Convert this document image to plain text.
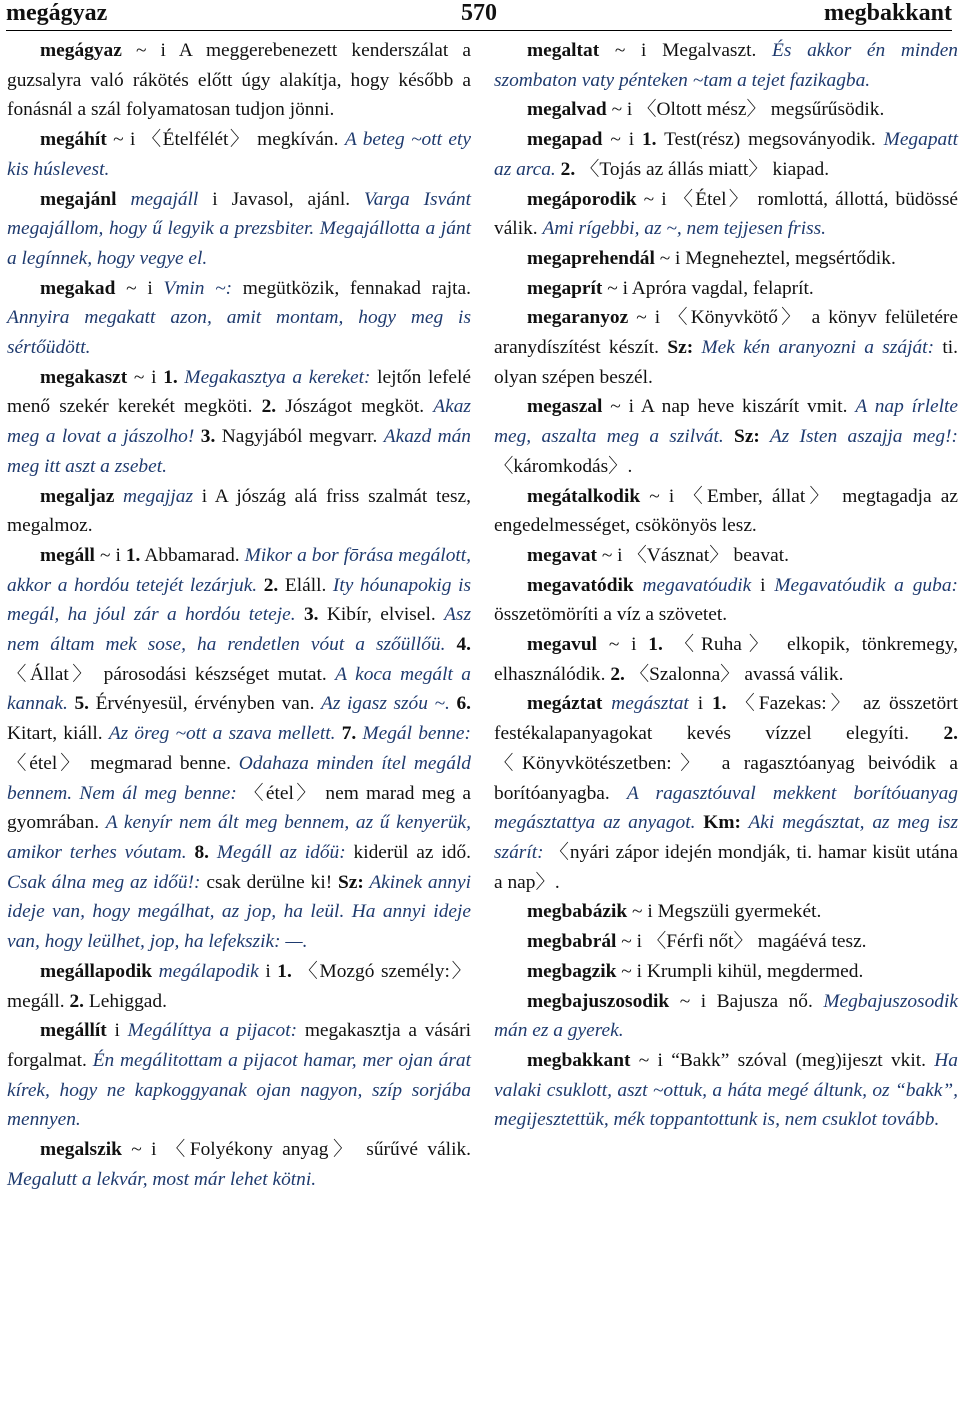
megágyaz	570	megbakkant

megágyaz ~ i A meggerebenezett kenderszálat a guzsalyra való rákötés előtt úgy alakítja, hogy később a fonásnál a szál folyamatosan tudjon jönni.

megáhít ~ i 〈Ételfélét〉 megkíván. A beteg ~ott ety kis húslevest.

megajánl megajáll i Javasol, ajánl. Varga Isvánt megajállom, hogy ű legyik a prezsbiter. Megajállotta a jánt a legínnek, hogy vegye el.

megakad ~ i Vmin ~: megütközik, fennakad rajta. Annyira megakatt azon, amit montam, hogy meg is sértőüdött.

megakaszt ~ i 1. Megakasztya a kereket: lejtőn lefelé menő szekér kerekét megköti. 2. Jószágot megköt. Akaz meg a lovat a jászolho! 3. Nagyjából megvarr. Akazd mán meg itt aszt a zsebet.

megaljaz megajjaz i A jószág alá friss szalmát tesz, megalmoz.

megáll ~ i 1. Abbamarad. Mikor a bor fōrása megálott, akkor a hordóu tetejét lezárjuk. 2. Eláll. Ity hóunapokig is megál, ha jóul zár a hordóu teteje. 3. Kibír, elvisel. Asz nem áltam mek sose, ha rendetlen vóut a szőüllőü. 4. 〈Állat〉 párosodási készséget mutat. A koca megált a kannak. 5. Érvényesül, érvényben van. Az igasz szóu ~. 6. Kitart, kiáll. Az öreg ~ott a szava mellett. 7. Megál benne: 〈étel〉 megmarad benne. Odahaza minden ítel megáld bennem. Nem ál meg benne: 〈étel〉 nem marad meg a gyomrában. A kenyír nem ált meg bennem, az ű kenyerük, amikor terhes vóutam. 8. Megáll az időü: kiderül az idő. Csak álna meg az időü!: csak derülne ki! Sz: Akinek annyi ideje van, hogy megálhat, az jop, ha leül. Ha annyi ideje van, hogy leülhet, jop, ha lefekszik: —.

megállapodik megálapodik i 1. 〈Mozgó személy:〉 megáll. 2. Lehiggad.

megállít i Megálíttya a pijacot: megakasztja a vásári forgalmat. Én megálitottam a pijacot hamar, mer ojan árat kírek, hogy ne kapkoggyanak ojan nagyon, szíp sorjába mennyen.

megalszik ~ i 〈Folyékony anyag〉 sűrűvé válik. Megalutt a lekvár, most már lehet kötni.

megaltat ~ i Megalvaszt. És akkor én minden szombaton vaty pénteken ~tam a tejet fazikagba.

megalvad ~ i 〈Oltott mész〉 megsűrűsödik.

megapad ~ i 1. Test(rész) megsoványodik. Megapatt az arca. 2. 〈Tojás az állás miatt〉 kiapad.

megáporodik ~ i 〈Étel〉 romlottá, állottá, büdössé válik. Ami rígebbi, az ~, nem tejjesen friss.

megaprehendál ~ i Megneheztel, megsértődik.

megaprít ~ i Apróra vagdal, felaprít.

megaranyoz ~ i 〈Könyvkötő〉 a könyv felületére aranydíszítést készít. Sz: Mek kén aranyozni a száját: ti. olyan szépen beszél.

megaszal ~ i A nap heve kiszárít vmit. A nap írlelte meg, aszalta meg a szilvát. Sz: Az Isten aszajja meg!: 〈káromkodás〉.

megátalkodik ~ i 〈Ember, állat〉 megtagadja az engedelmességet, csökönyös lesz.

megavat ~ i 〈Vásznat〉 beavat.

megavatódik megavatóudik i Megavatóudik a guba: összetömöríti a víz a szövetet.

megavul ~ i 1. 〈Ruha〉 elkopik, tönkremegy, elhasználódik. 2. 〈Szalonna〉 avassá válik.

megáztat megásztat i 1. 〈Fazekas:〉 az összetört festékalapanyagokat kevés vízzel elegyíti. 2. 〈Könyvkötészetben:〉 a ragasztóanyag beivódik a borítóanyagba. A ragasztóuval mekkent borítóuanyag megásztattya az anyagot. Km: Aki megásztat, az meg isz szárít: 〈nyári zápor idején mondják, ti. hamar kisüt utána a nap〉.

megbabázik ~ i Megszüli gyermekét.

megbabrál ~ i 〈Férfi nőt〉 magáévá tesz.

megbagzik ~ i Krumpli kihül, megdermed.

megbajuszosodik ~ i Bajusza nő. Megbajuszosodik mán ez a gyerek.

megbakkant ~ i “Bakk” szóval (meg)ijeszt vkit. Ha valaki csuklott, aszt ~ottuk, a háta megé áltunk, oz “bakk”, megijesztettük, mék toppantottunk is, nem csuklot tovább.
